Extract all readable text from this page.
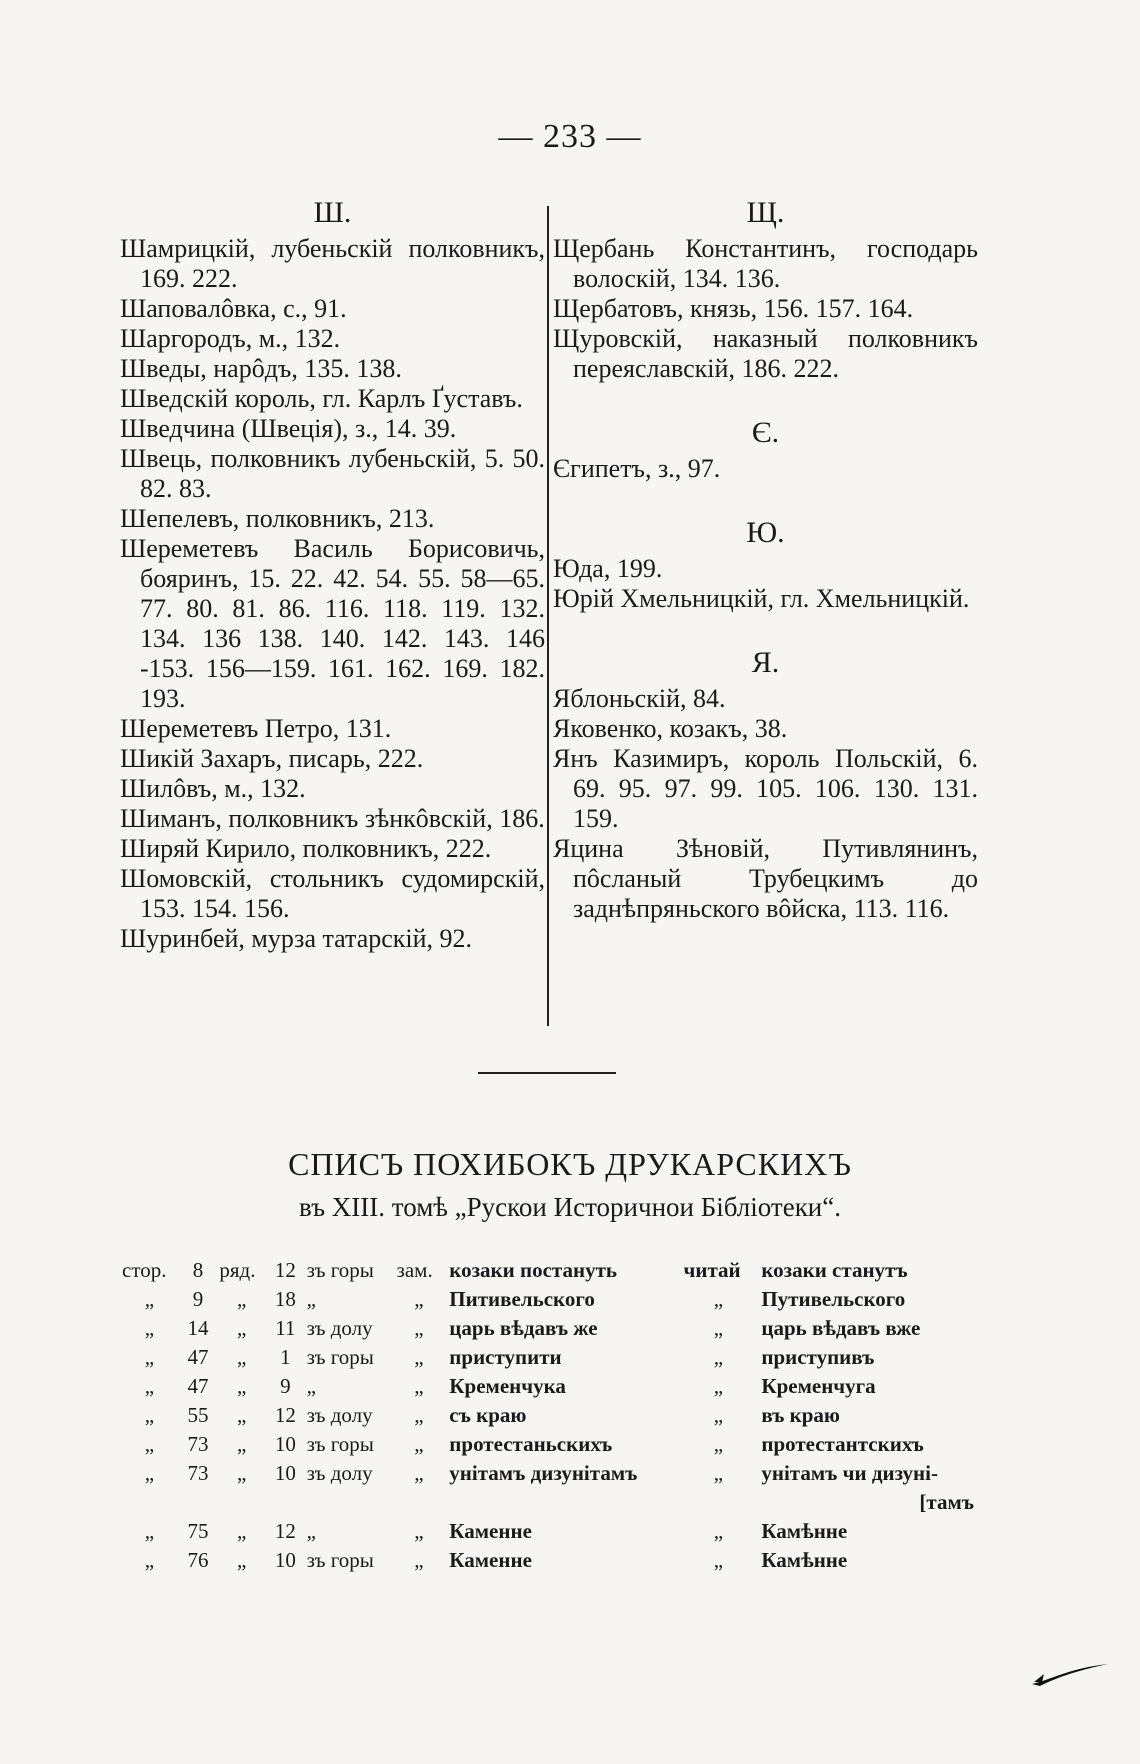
— 233 —
Ш.

Шамрицкій, лубеньскій полковникъ, 169. 222.

Шаповалôвка, с., 91.

Шаргородъ, м., 132.

Шведы, нарôдъ, 135. 138.

Шведскій король, гл. Карлъ Ґуставъ.

Шведчина (Швеція), з., 14. 39.

Швець, полковникъ лубеньскій, 5. 50. 82. 83.

Шепелевъ, полковникъ, 213.

Шереметевъ Василь Борисовичь, бояринъ, 15. 22. 42. 54. 55. 58—65. 77. 80. 81. 86. 116. 118. 119. 132. 134. 136 138. 140. 142. 143. 146 -153. 156—159. 161. 162. 169. 182. 193.

Шереметевъ Петро, 131.

Шикій Захаръ, писарь, 222.

Шилôвъ, м., 132.

Шиманъ, полковникъ зѣнкôвскій, 186.

Ширяй Кирило, полковникъ, 222.

Шомовскій, стольникъ судомирскій, 153. 154. 156.

Шуринбей, мурза татарскій, 92.

Щ.

Щербань Константинъ, господарь волоскій, 134. 136.

Щербатовъ, князь, 156. 157. 164.

Щуровскій, наказный полковникъ переяславскій, 186. 222.

Є.

Єгипетъ, з., 97.

Ю.

Юда, 199.

Юрій Хмельницкій, гл. Хмельницкій.

Я.

Яблоньскій, 84.

Яковенко, козакъ, 38.

Янъ Казимиръ, король Польскій, 6. 69. 95. 97. 99. 105. 106. 130. 131. 159.

Яцина Зѣновій, Путивлянинъ, пôсланый Трубецкимъ до заднѣпряньского вôйска, 113. 116.

СПИСЪ ПОХИБОКЪ ДРУКАРСКИХЪ
въ XIII. томѣ „Рускои Историчнои Бібліотеки“.
стор.	8	ряд.	12	зъ горы	зам.	козаки постануть	читай	козаки станутъ
„	9	„	18	„	„	Питивельского	„	Путивельского
„	14	„	11	зъ долу	„	царь вѣдавъ же	„	царь вѣдавъ вже
„	47	„	1	зъ горы	„	приступити	„	приступивъ
„	47	„	9	„	„	Кременчука	„	Кременчуга
„	55	„	12	зъ долу	„	съ краю	„	въ краю
„	73	„	10	зъ горы	„	протестаньскихъ	„	протестантскихъ
„	73	„	10	зъ долу	„	унітамъ дизунітамъ	„	унітамъ чи дизуні-
[тамъ								
„	75	„	12	„	„	Каменне	„	Камѣнне
„	76	„	10	зъ горы	„	Каменне	„	Камѣнне
